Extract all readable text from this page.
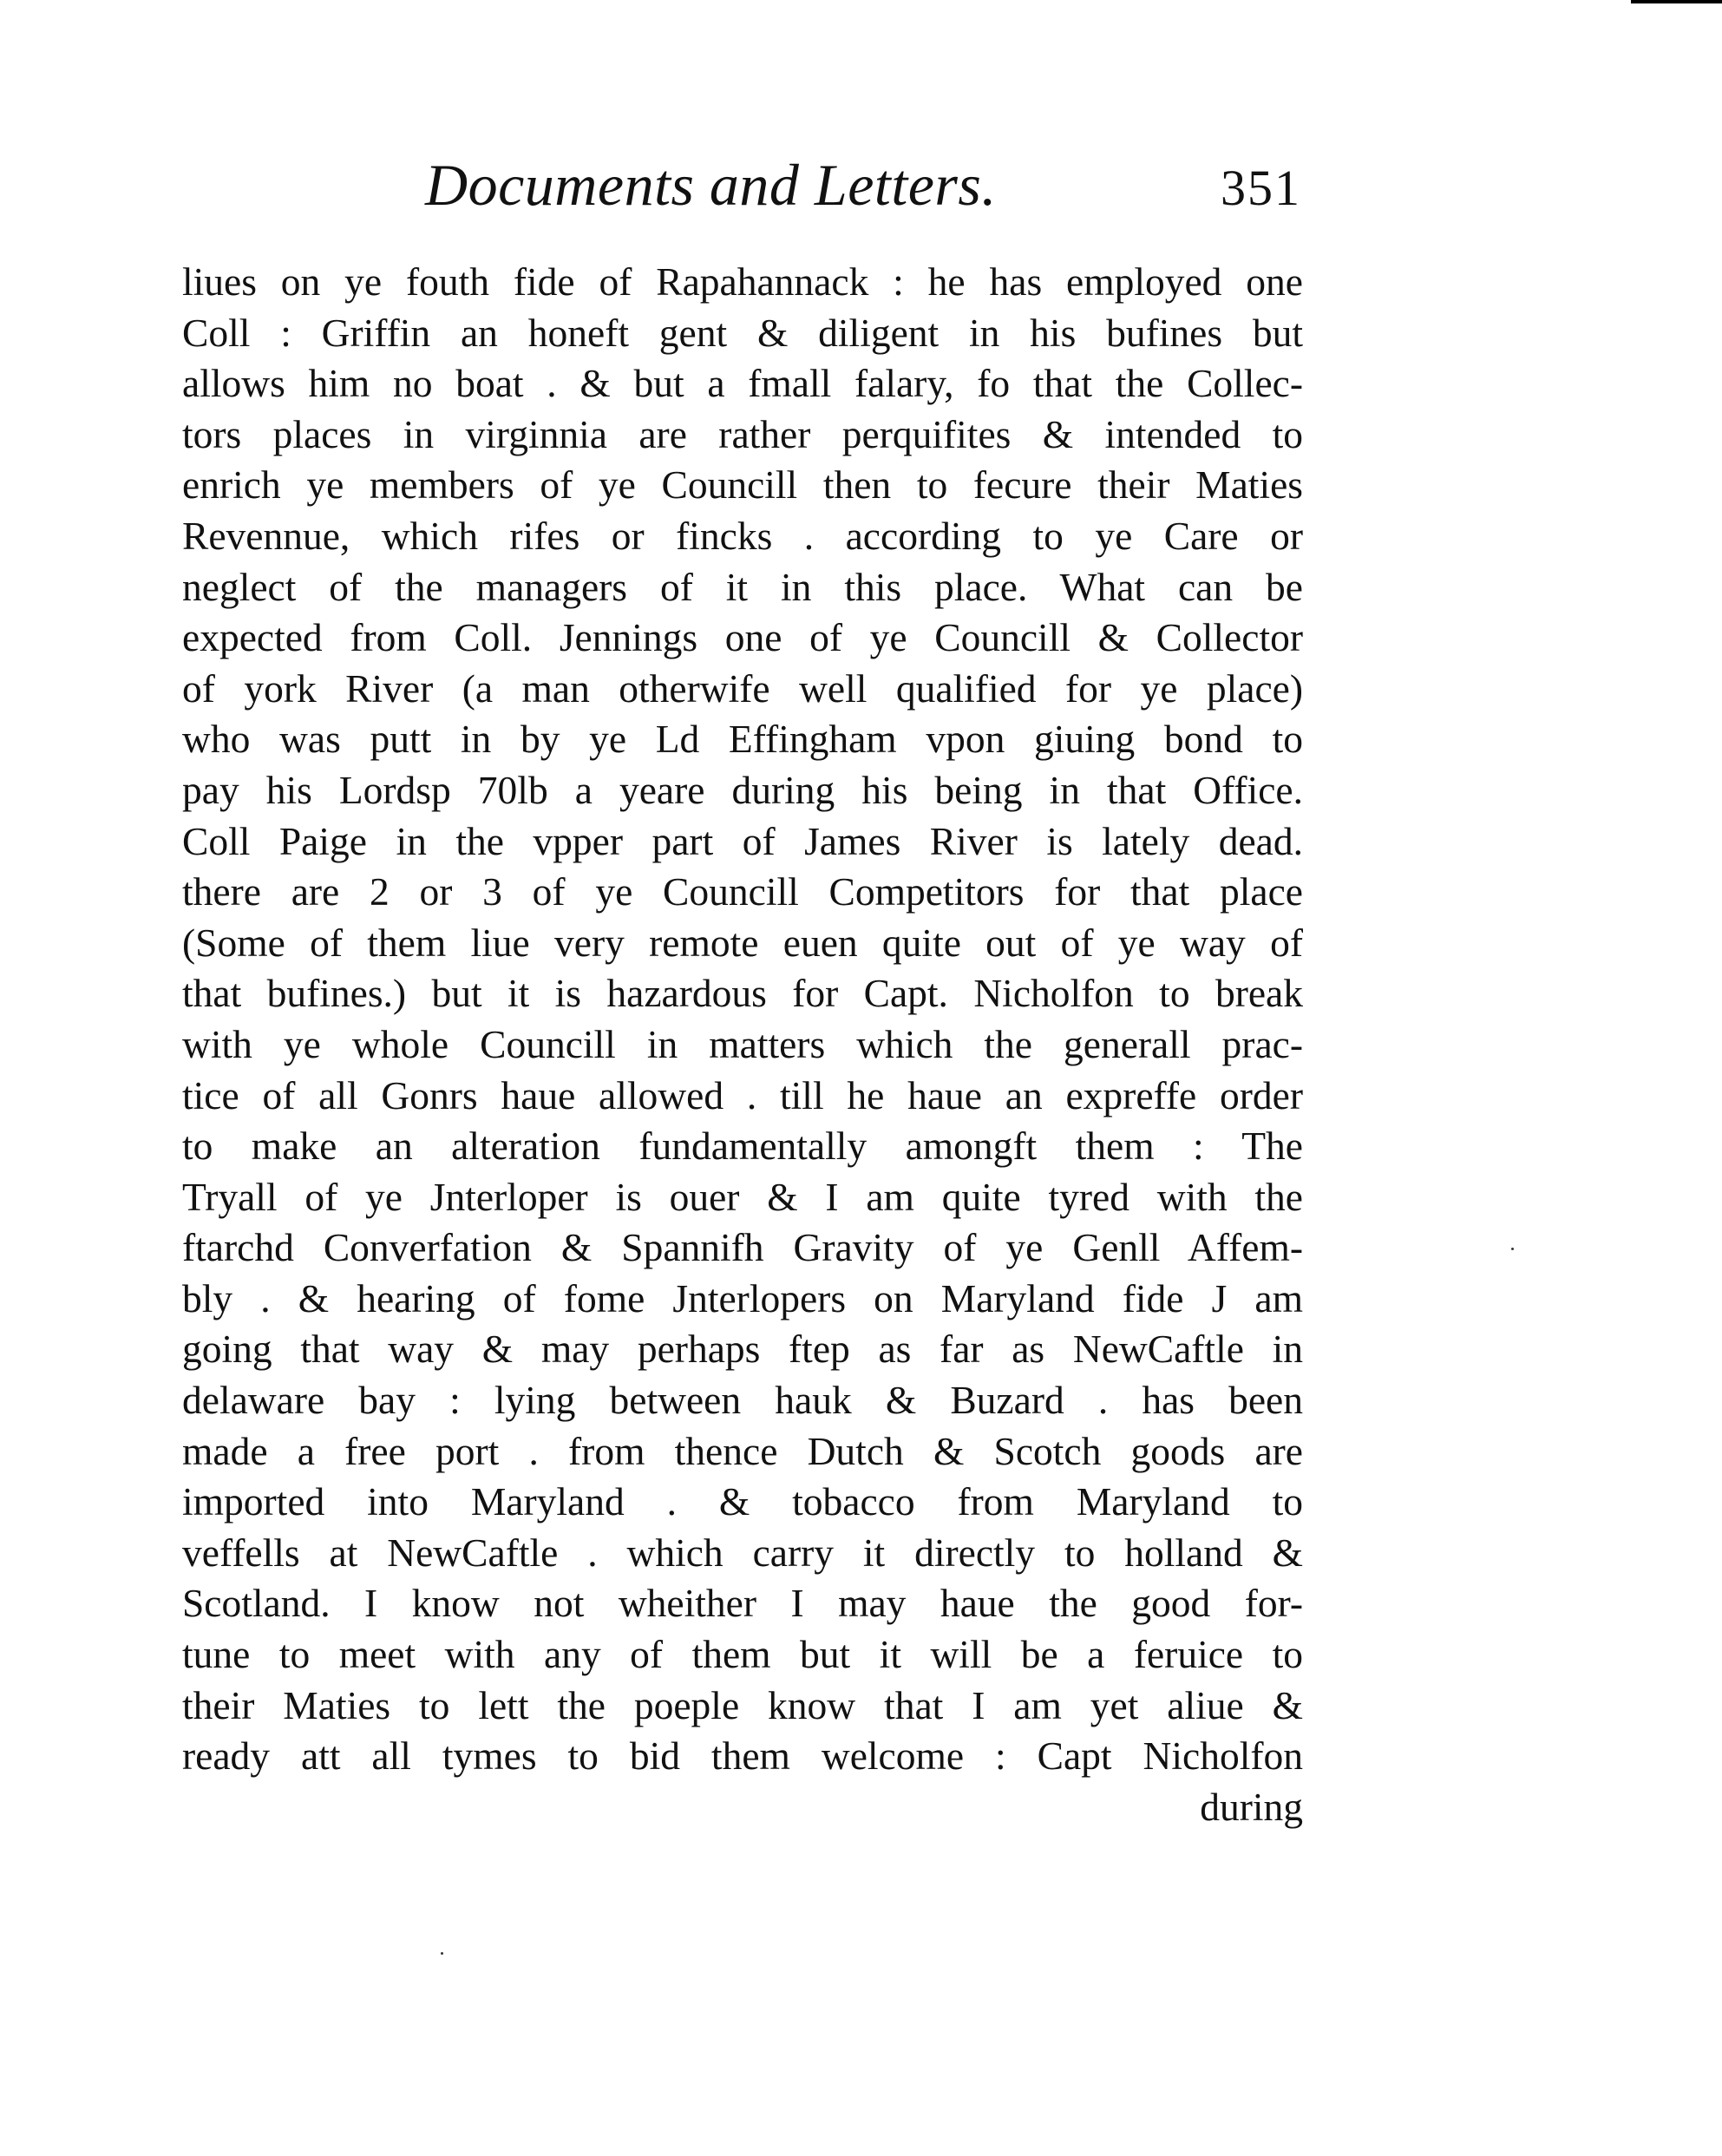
Documents and Letters.	351
liues on ye fouth fide of Rapahannack : he has employed one
Coll : Griffin an honeft gent & diligent in his bufines but
allows him no boat . & but a fmall falary, fo that the Collec-
tors places in virginnia are rather perquifites & intended to
enrich ye members of ye Councill then to fecure their Maties
Revennue, which rifes or fincks . according to ye Care or
neglect of the managers of it in this place. What can be
expected from Coll. Jennings one of ye Councill & Collector
of york River (a man otherwife well qualified for ye place)
who was putt in by ye Ld Effingham vpon giuing bond to
pay his Lordsp 70lb a yeare during his being in that Office.
Coll Paige in the vpper part of James River is lately dead.
there are 2 or 3 of ye Councill Competitors for that place
(Some of them liue very remote euen quite out of ye way of
that bufines.) but it is hazardous for Capt. Nicholfon to break
with ye whole Councill in matters which the generall prac-
tice of all Gonrs haue allowed . till he haue an expreffe order
to make an alteration fundamentally amongft them : The
Tryall of ye Jnterloper is ouer & I am quite tyred with the
ftarchd Converfation & Spannifh Gravity of ye Genll Affem-
bly . & hearing of fome Jnterlopers on Maryland fide J am
going that way & may perhaps ftep as far as NewCaftle in
delaware bay : lying between hauk & Buzard . has been
made a free port . from thence Dutch & Scotch goods are
imported into Maryland . & tobacco from Maryland to
veffells at NewCaftle . which carry it directly to holland &
Scotland. I know not wheither I may haue the good for-
tune to meet with any of them but it will be a feruice to
their Maties to lett the poeple know that I am yet aliue &
ready att all tymes to bid them welcome : Capt Nicholfon
during
